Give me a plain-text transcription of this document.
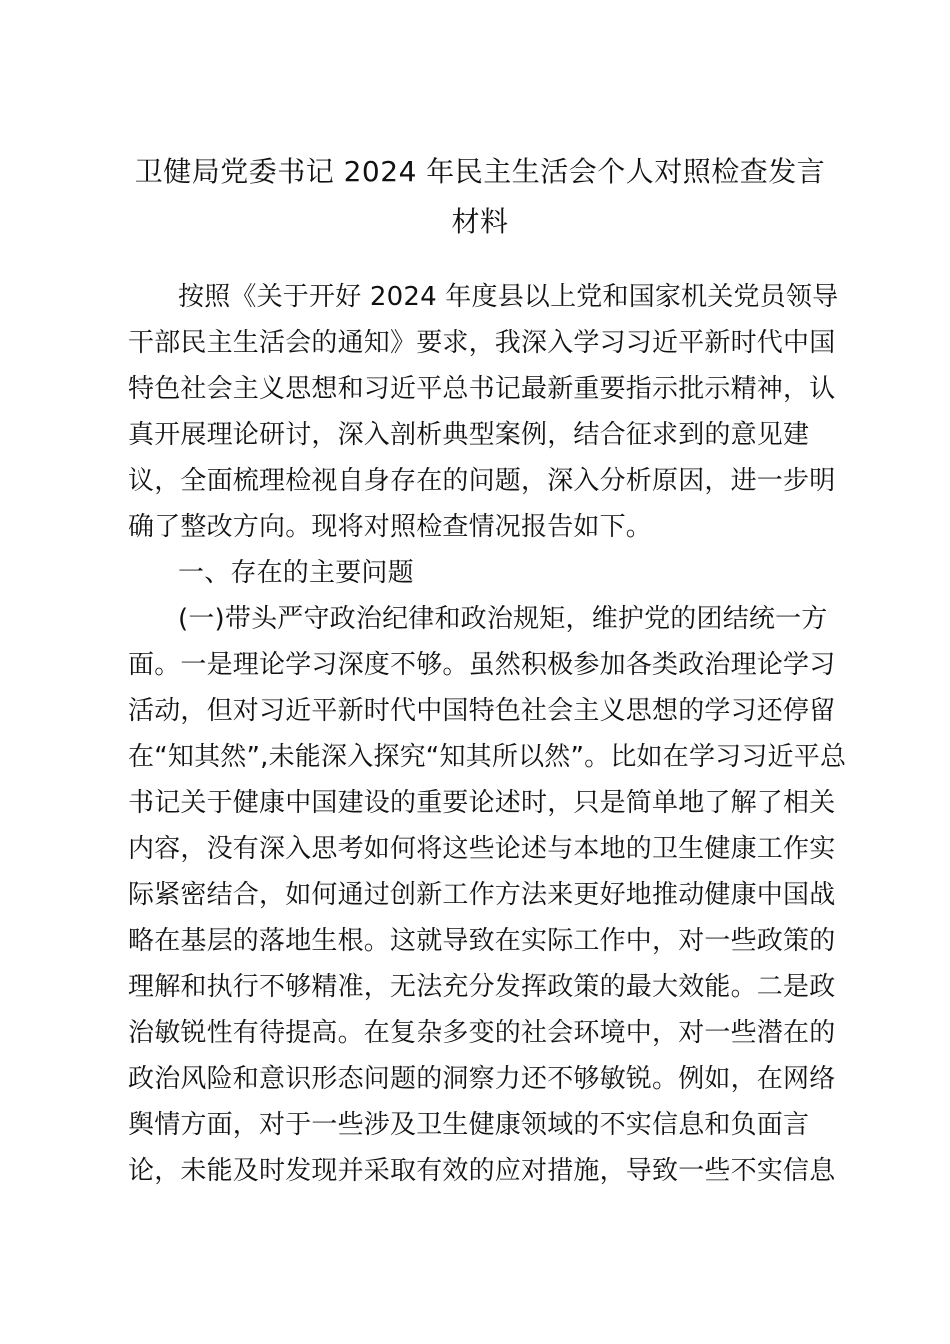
卫健局党委书记 2024 年民主生活会个人对照检查发言
材料
按照《关于开好 2024 年度县以上党和国家机关党员领导
干部民主生活会的通知》要求，我深入学习习近平新时代中国
特色社会主义思想和习近平总书记最新重要指示批示精神，认
真开展理论研讨，深入剖析典型案例，结合征求到的意见建
议，全面梳理检视自身存在的问题，深入分析原因，进一步明
确了整改方向。现将对照检查情况报告如下。
一、存在的主要问题
(一)带头严守政治纪律和政治规矩，维护党的团结统一方
面。一是理论学习深度不够。虽然积极参加各类政治理论学习
活动，但对习近平新时代中国特色社会主义思想的学习还停留
在“知其然”,未能深入探究“知其所以然”。比如在学习习近平总
书记关于健康中国建设的重要论述时，只是简单地了解了相关
内容，没有深入思考如何将这些论述与本地的卫生健康工作实
际紧密结合，如何通过创新工作方法来更好地推动健康中国战
略在基层的落地生根。这就导致在实际工作中，对一些政策的
理解和执行不够精准，无法充分发挥政策的最大效能。二是政
治敏锐性有待提高。在复杂多变的社会环境中，对一些潜在的
政治风险和意识形态问题的洞察力还不够敏锐。例如，在网络
舆情方面，对于一些涉及卫生健康领域的不实信息和负面言
论，未能及时发现并采取有效的应对措施，导致一些不实信息
